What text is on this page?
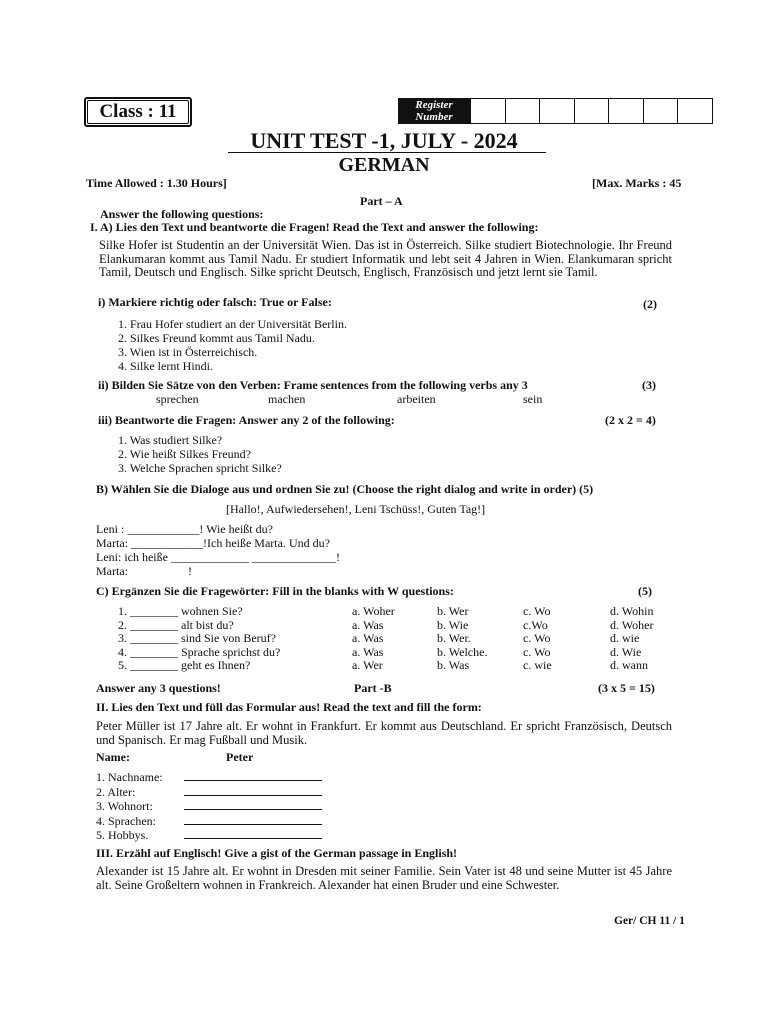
Class : 11	Register
Number
UNIT TEST -1, JULY - 2024
GERMAN
Time Allowed : 1.30 Hours]	[Max. Marks : 45
Part – A
Answer the following questions:
I. A) Lies den Text und beantworte die Fragen! Read the Text and answer the following:
Silke Hofer ist Studentin an der Universität Wien. Das ist in Österreich. Silke studiert Biotechnologie. Ihr Freund Elankumaran kommt aus Tamil Nadu. Er studiert Informatik und lebt seit 4 Jahren in Wien. Elankumaran spricht Tamil, Deutsch und Englisch. Silke spricht Deutsch, Englisch, Französisch und jetzt lernt sie Tamil.
i) Markiere richtig oder falsch: True or False:	(2)
1. Frau Hofer studiert an der Universität Berlin.
2. Silkes Freund kommt aus Tamil Nadu.
3. Wien ist in Österreichisch.
4. Silke lernt Hindi.
ii) Bilden Sie Sätze von den Verben: Frame sentences from the following verbs any 3	(3)
sprechen	machen	arbeiten	sein
iii) Beantworte die Fragen: Answer any 2 of the following:	(2 x 2 = 4)
1. Was studiert Silke?
2. Wie heißt Silkes Freund?
3. Welche Sprachen spricht Silke?
B) Wählen Sie die Dialoge aus und ordnen Sie zu! (Choose the right dialog and write in order) (5)
[Hallo!, Aufwiedersehen!, Leni Tschüss!, Guten Tag!]
Leni : ____________! Wie heißt du?
Marta: ____________!Ich heiße Marta. Und du?
Leni: ich heiße _____________ ______________!
Marta:                    !
C) Ergänzen Sie die Fragewörter: Fill in the blanks with W questions:	(5)
1. ________ wohnen Sie?	a. Woher	b. Wer	c. Wo	d. Wohin
2. ________ alt bist du?	a. Was	b. Wie	c.Wo	d. Woher
3. ________ sind Sie von Beruf?	a. Was	b. Wer.	c. Wo	d. wie
4. ________ Sprache sprichst du?	a. Was	b. Welche.	c. Wo	d. Wie
5. ________ geht es Ihnen?	a. Wer	b. Was	c. wie	d. wann
Answer any 3 questions!	Part -B	(3 x 5 = 15)
II. Lies den Text und füll das Formular aus! Read the text and fill the form:
Peter Müller ist 17 Jahre alt. Er wohnt in Frankfurt. Er kommt aus Deutschland. Er spricht Französisch, Deutsch und Spanisch. Er mag Fußball und Musik.
Name:	Peter
1. Nachname:
2. Alter:
3. Wohnort:
4. Sprachen:
5. Hobbys.
III. Erzähl auf Englisch! Give a gist of the German passage in English!
Alexander ist 15 Jahre alt. Er wohnt in Dresden mit seiner Familie. Sein Vater ist 48 und seine Mutter ist 45 Jahre alt. Seine Großeltern wohnen in Frankreich. Alexander hat einen Bruder und eine Schwester.
Ger/ CH 11 / 1
